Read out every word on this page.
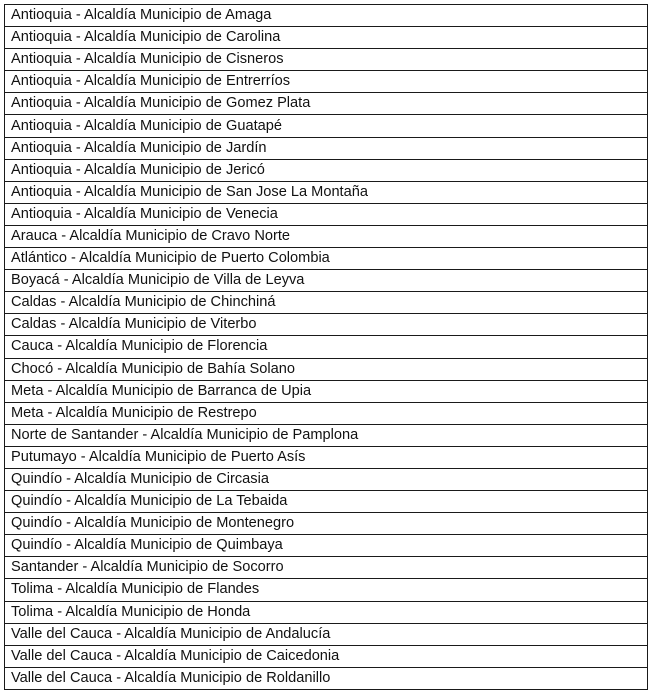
Antioquia - Alcaldía Municipio de Amaga
Antioquia - Alcaldía Municipio de Carolina
Antioquia - Alcaldía Municipio de Cisneros
Antioquia - Alcaldía Municipio de Entrerríos
Antioquia - Alcaldía Municipio de Gomez Plata
Antioquia - Alcaldía Municipio de Guatapé
Antioquia - Alcaldía Municipio de Jardín
Antioquia - Alcaldía Municipio de Jericó
Antioquia - Alcaldía Municipio de San Jose La Montaña
Antioquia - Alcaldía Municipio de Venecia
Arauca - Alcaldía Municipio de Cravo Norte
Atlántico - Alcaldía Municipio de Puerto Colombia
Boyacá - Alcaldía Municipio de Villa de Leyva
Caldas - Alcaldía Municipio de Chinchiná
Caldas - Alcaldía Municipio de Viterbo
Cauca - Alcaldía Municipio de Florencia
Chocó - Alcaldía Municipio de Bahía Solano
Meta - Alcaldía Municipio de Barranca de Upia
Meta - Alcaldía Municipio de Restrepo
Norte de Santander - Alcaldía Municipio de Pamplona
Putumayo - Alcaldía Municipio de Puerto Asís
Quindío - Alcaldía Municipio de Circasia
Quindío - Alcaldía Municipio de La Tebaida
Quindío - Alcaldía Municipio de Montenegro
Quindío - Alcaldía Municipio de Quimbaya
Santander - Alcaldía Municipio de Socorro
Tolima - Alcaldía Municipio de Flandes
Tolima - Alcaldía Municipio de Honda
Valle del Cauca - Alcaldía Municipio de Andalucía
Valle del Cauca - Alcaldía Municipio de Caicedonia
Valle del Cauca - Alcaldía Municipio de Roldanillo
